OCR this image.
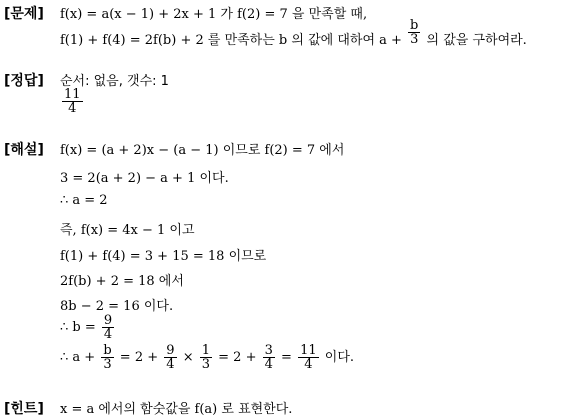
[문제] f(x) = a(x − 1) + 2x + 1 가 f(2) = 7 을 만족할 때,
f(1) + f(4) = 2f(b) + 2 를 만족하는 b 의 값에 대하여 $a + \frac{b}{3}$ 의 값을 구하여라.
[정답] 순서: 없음, 갯수: 1
$\frac{11}{4}$
[해설] f(x) = (a + 2)x − (a − 1) 이므로 f(2) = 7 에서
3 = 2(a + 2) − a + 1 이다.
∴ a = 2
즉, f(x) = 4x − 1 이고
f(1) + f(4) = 3 + 15 = 18 이므로
2f(b) + 2 = 18 에서
8b − 2 = 16 이다.
∴ $b = \frac{9}{4}$
∴ $a + \frac{b}{3} = 2 + \frac{9}{4} \times \frac{1}{3} = 2 + \frac{3}{4} = \frac{11}{4}$ 이다.
[힌트] x = a 에서의 함숫값을 f(a) 로 표현한다.
